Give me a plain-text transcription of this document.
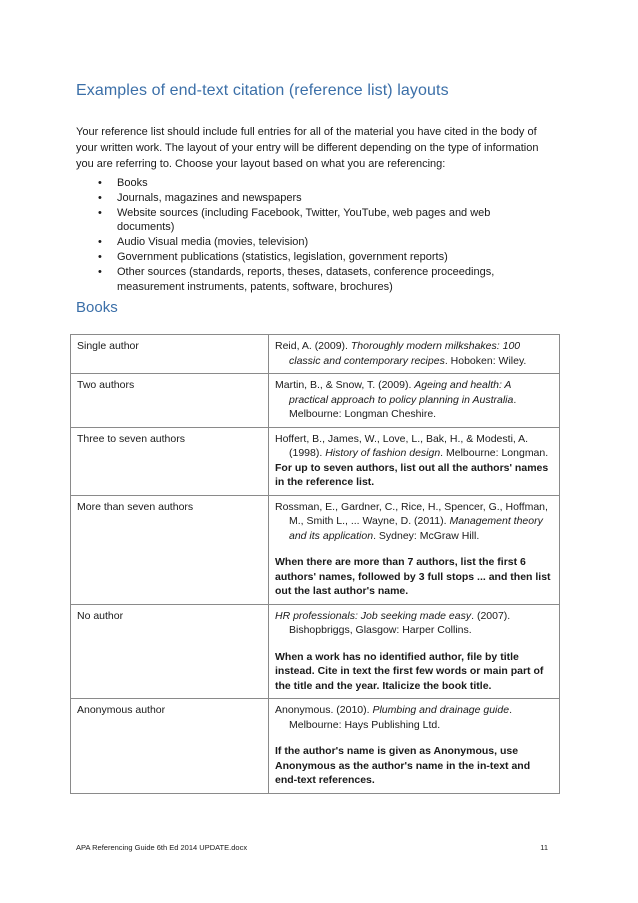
Examples of end-text citation (reference list) layouts

Your reference list should include full entries for all of the material you have cited in the body of your written work. The layout of your entry will be different depending on the type of information you are referring to. Choose your layout based on what you are referencing:

• Books
• Journals, magazines and newspapers
• Website sources (including Facebook, Twitter, YouTube, web pages and web documents)
• Audio Visual media (movies, television)
• Government publications (statistics, legislation, government reports)
• Other sources (standards, reports, theses, datasets, conference proceedings, measurement instruments, patents, software, brochures)
Books
Single author	Reid, A. (2009). Thoroughly modern milkshakes: 100 classic and contemporary recipes. Hoboken: Wiley.

Two authors	Martin, B., & Snow, T. (2009). Ageing and health: A practical approach to policy planning in Australia. Melbourne: Longman Cheshire.

Three to seven authors	Hoffert, B., James, W., Love, L., Bak, H., & Modesti, A. (1998). History of fashion design. Melbourne: Longman.
For up to seven authors, list out all the authors' names in the reference list.

More than seven authors	Rossman, E., Gardner, C., Rice, H., Spencer, G., Hoffman, M., Smith L., ... Wayne, D. (2011). Management theory and its application. Sydney: McGraw Hill.
When there are more than 7 authors, list the first 6 authors' names, followed by 3 full stops ... and then list out the last author's name.

No author	HR professionals: Job seeking made easy. (2007). Bishopbriggs, Glasgow: Harper Collins.
When a work has no identified author, file by title instead. Cite in text the first few words or main part of the title and the year. Italicize the book title.

Anonymous author	Anonymous. (2010). Plumbing and drainage guide. Melbourne: Hays Publishing Ltd.
If the author's name is given as Anonymous, use Anonymous as the author's name in the in-text and end-text references.
APA Referencing Guide 6th Ed 2014 UPDATE.docx	11
